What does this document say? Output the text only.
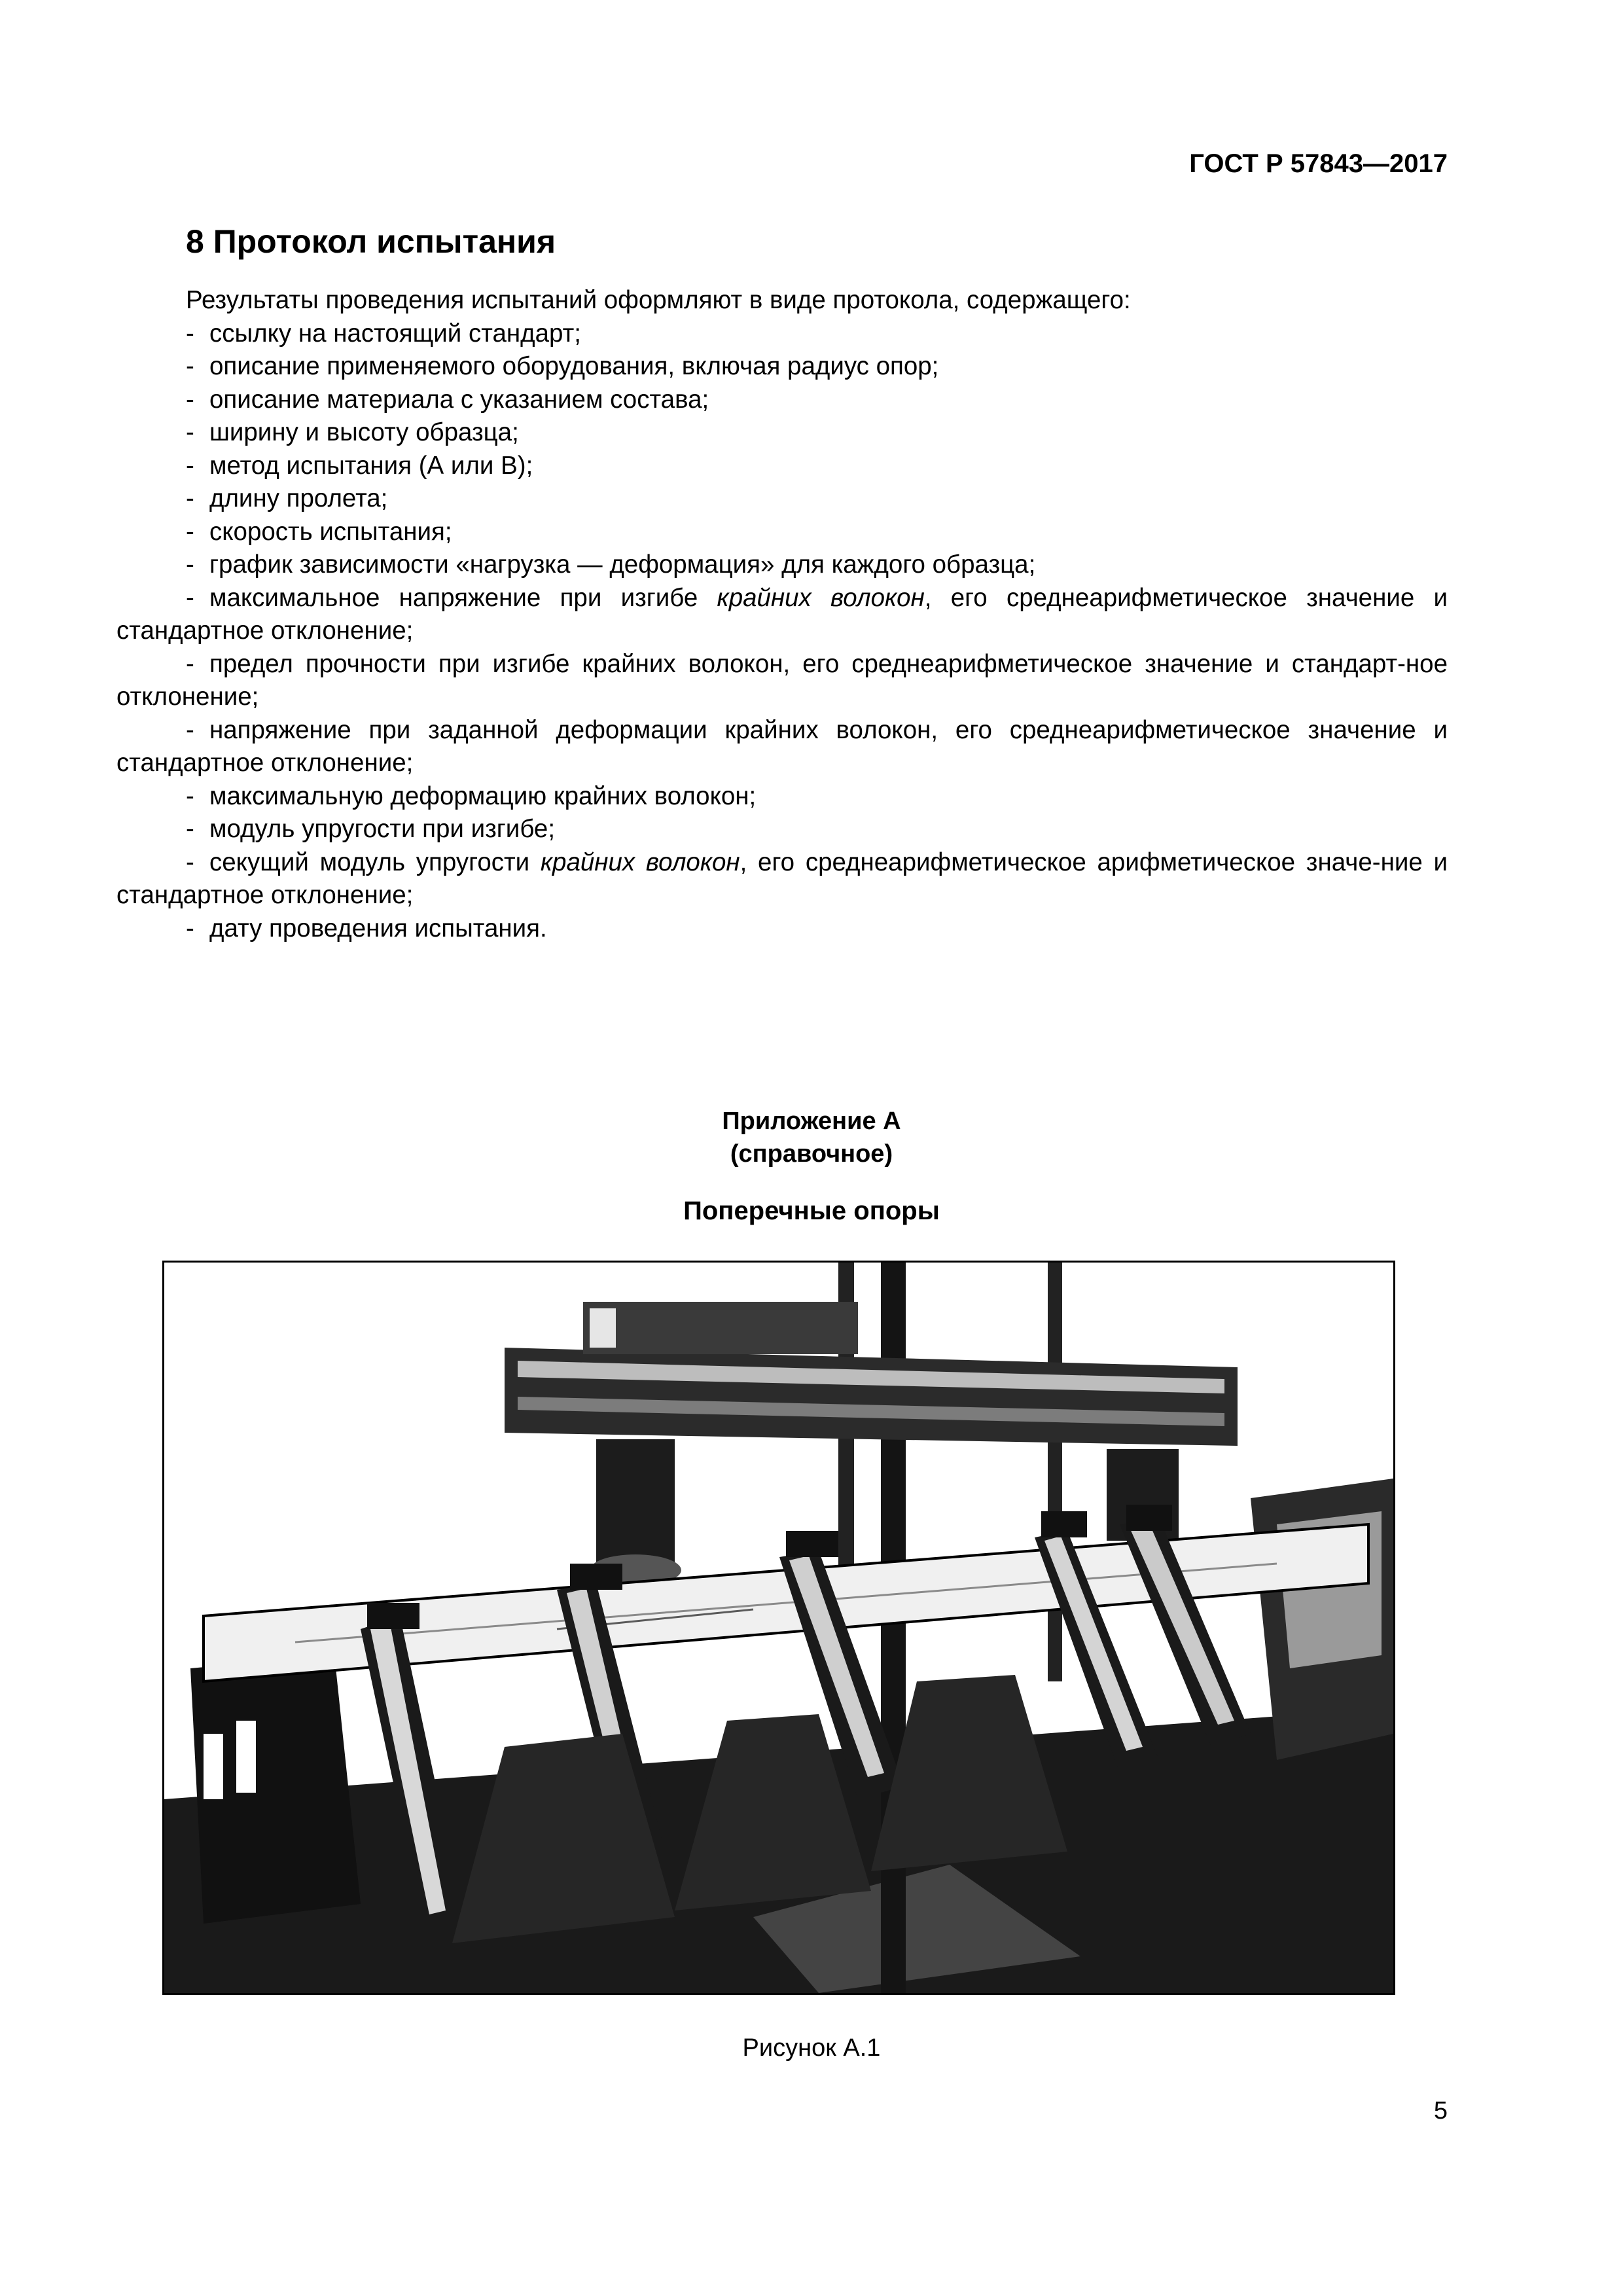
ГОСТ Р 57843—2017
8 Протокол испытания

Результаты проведения испытаний оформляют в виде протокола, содержащего:

- ссылку на настоящий стандарт;

- описание применяемого оборудования, включая радиус опор;

- описание материала с указанием состава;

- ширину и высоту образца;

- метод испытания (А или В);

- длину пролета;

- скорость испытания;

- график зависимости «нагрузка — деформация» для каждого образца;

- максимальное напряжение при изгибе крайних волокон, его среднеарифметическое значение и стандартное отклонение;

- предел прочности при изгибе крайних волокон, его среднеарифметическое значение и стандарт-ное отклонение;

- напряжение при заданной деформации крайних волокон, его среднеарифметическое значение и стандартное отклонение;

- максимальную деформацию крайних волокон;

- модуль упругости при изгибе;

- секущий модуль упругости крайних волокон, его среднеарифметическое арифметическое значе-ние и стандартное отклонение;

- дату проведения испытания.

Приложение А
(справочное)
Поперечные опоры
Рисунок А.1
5
